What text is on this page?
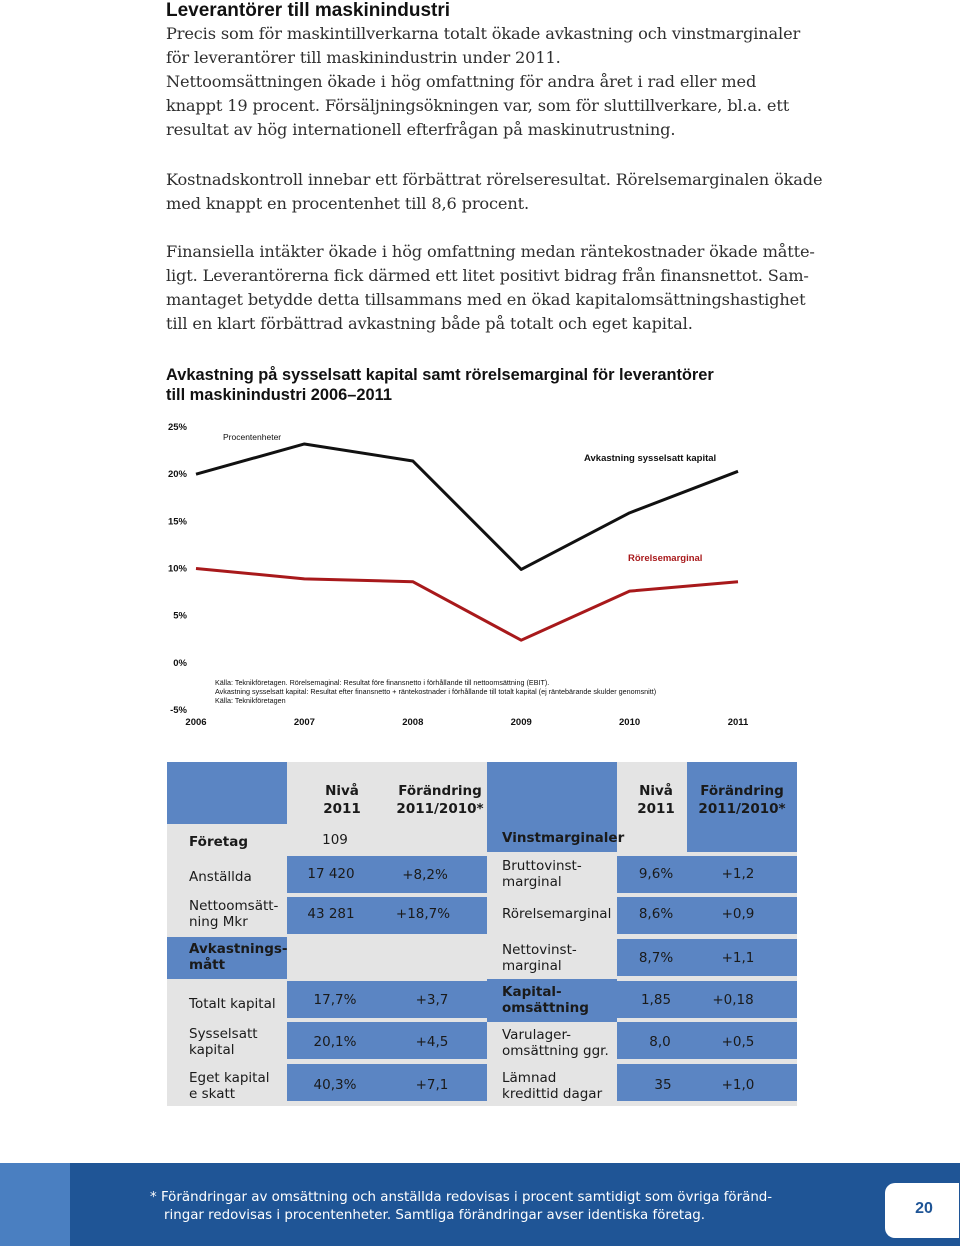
Leverantörer till maskinindustri
Precis som för maskintillverkarna totalt ökade avkastning och vinstmarginaler
för leverantörer till maskinindustrin under 2011.
Nettoomsättningen ökade i hög omfattning för andra året i rad eller med
knappt 19 procent. Försäljningsökningen var, som för sluttillverkare, bl.a. ett
resultat av hög internationell efterfrågan på maskinutrustning.
Kostnadskontroll innebar ett förbättrat rörelseresultat. Rörelsemarginalen ökade
med knappt en procentenhet till 8,6 procent.
Finansiella intäkter ökade i hög omfattning medan räntekostnader ökade måtte-
ligt. Leverantörerna fick därmed ett litet positivt bidrag från finansnettot. Sam-
mantaget betydde detta tillsammans med en ökad kapitalomsättningshastighet
till en klart förbättrad avkastning både på totalt och eget kapital.
Avkastning på sysselsatt kapital samt rörelsemarginal för leverantörer
till maskinindustri 2006–2011
25%
20%
15%
10%
5%
0%
-5%
2006	2007	2008	2009	2010	2011
Procentenheter
Avkastning sysselsatt kapital
Rörelsemarginal
Källa: Teknikföretagen. Rörelsemaginal: Resultat före finansnetto i förhållande till nettoomsättning (EBIT).
Avkastning sysselsatt kapital: Resultat efter finansnetto + räntekostnader i förhållande till totalt kapital (ej räntebärande skulder genomsnitt)
Källa: Teknikföretagen
Nivå
2011
Förändring
2011/2010*
Nivå
2011
Förändring
2011/2010*
Företag	109
Anställda	17 420	+8,2%
Nettoomsätt-
ning Mkr	43 281	+18,7%
Avkastnings-
mått
Totalt kapital	17,7%	+3,7
Sysselsatt
kapital	20,1%	+4,5
Eget kapital
e skatt
40,3%	+7,1
Vinstmarginaler
Bruttovinst-
marginal	9,6%	+1,2
Rörelsemarginal	8,6%	+0,9
Nettovinst-
marginal	8,7%	+1,1
Kapital-
omsättning	1,85	+0,18
Varulager-
omsättning ggr.
8,0	+0,5
Lämnad
kredittid dagar
35	+1,0
* Förändringar av omsättning och anställda redovisas i procent samtidigt som övriga föränd-
ringar redovisas i procentenheter. Samtliga förändringar avser identiska företag.	20
